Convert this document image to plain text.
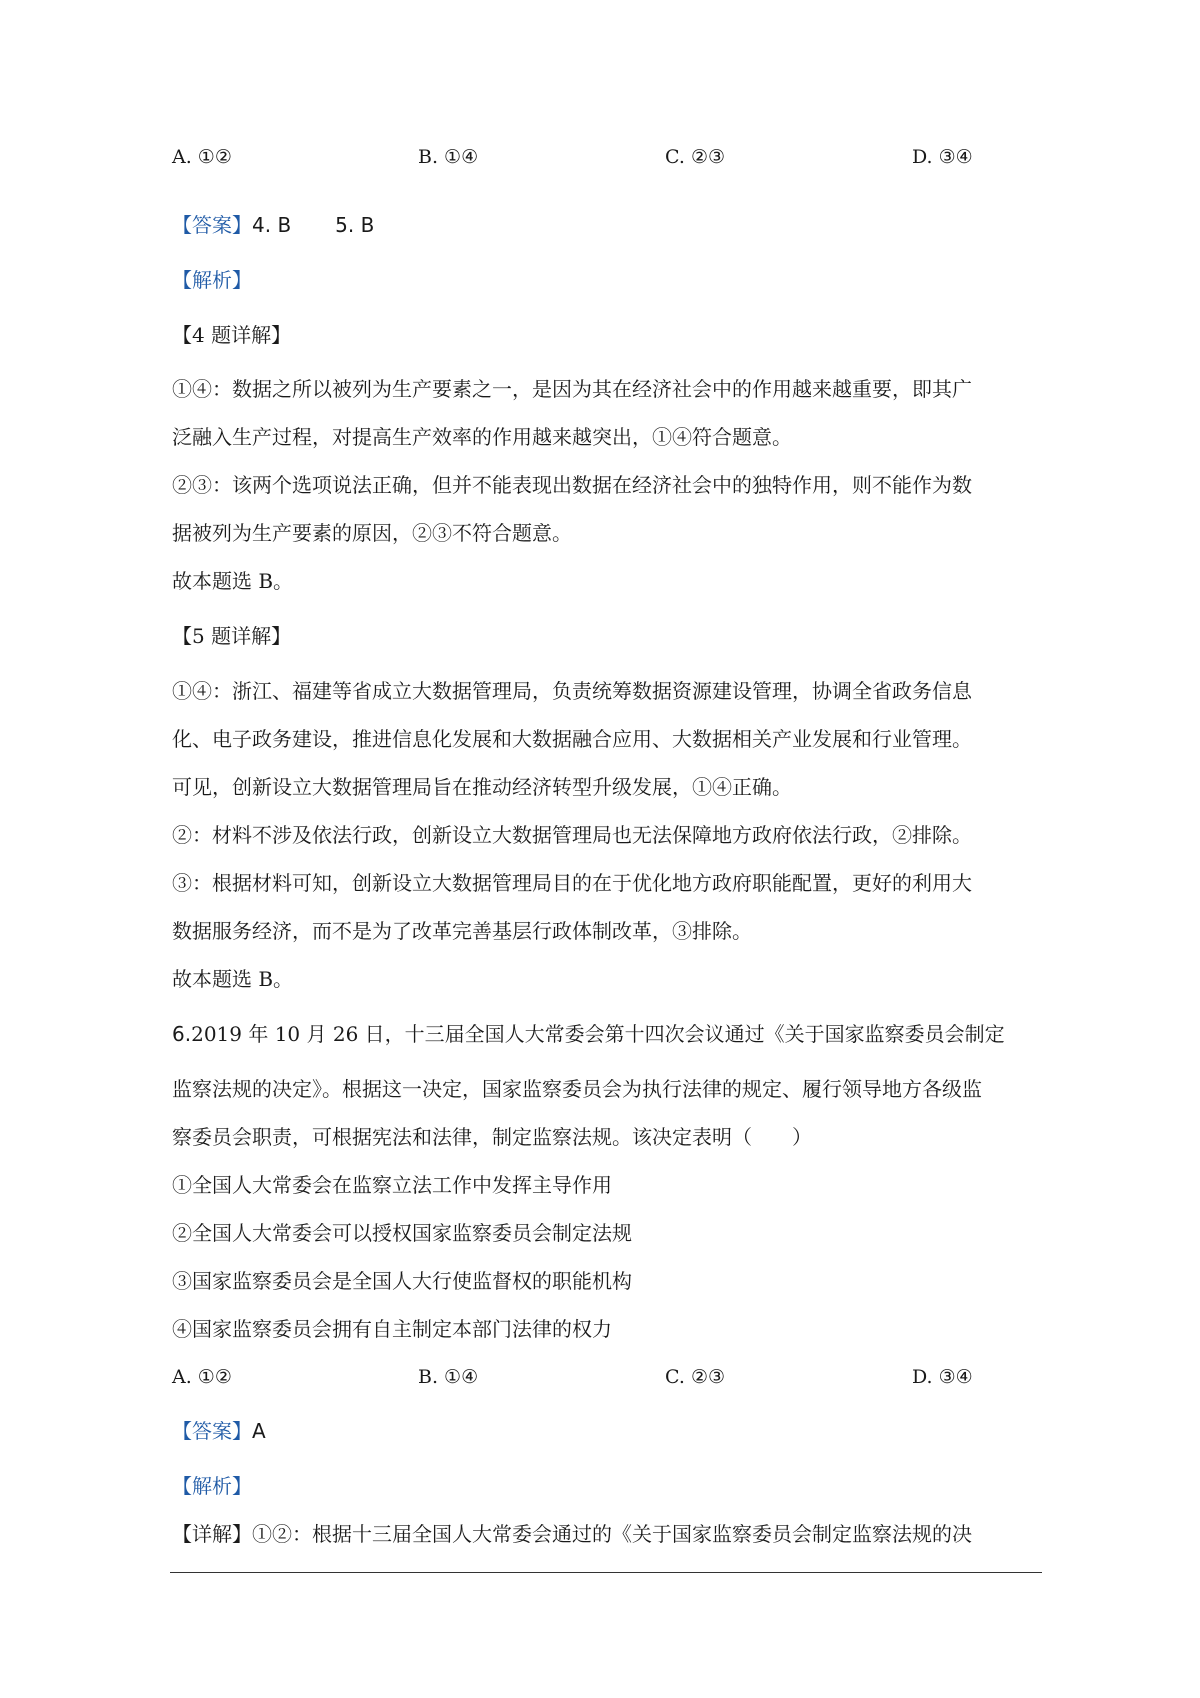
A. ①②	B. ①④	C. ②③	D. ③④
【答案】4. B 5. B
【解析】
【4 题详解】
①④：数据之所以被列为生产要素之一，是因为其在经济社会中的作用越来越重要，即其广
泛融入生产过程，对提高生产效率的作用越来越突出，①④符合题意。
②③：该两个选项说法正确，但并不能表现出数据在经济社会中的独特作用，则不能作为数
据被列为生产要素的原因，②③不符合题意。
故本题选 B。
【5 题详解】
①④：浙江、福建等省成立大数据管理局，负责统筹数据资源建设管理，协调全省政务信息
化、电子政务建设，推进信息化发展和大数据融合应用、大数据相关产业发展和行业管理。
可见，创新设立大数据管理局旨在推动经济转型升级发展，①④正确。
②：材料不涉及依法行政，创新设立大数据管理局也无法保障地方政府依法行政，②排除。
③：根据材料可知，创新设立大数据管理局目的在于优化地方政府职能配置，更好的利用大
数据服务经济，而不是为了改革完善基层行政体制改革，③排除。
故本题选 B。
6.2019 年 10 月 26 日，十三届全国人大常委会第十四次会议通过《关于国家监察委员会制定
监察法规的决定》。根据这一决定，国家监察委员会为执行法律的规定、履行领导地方各级监
察委员会职责，可根据宪法和法律，制定监察法规。该决定表明（　　）
①全国人大常委会在监察立法工作中发挥主导作用
②全国人大常委会可以授权国家监察委员会制定法规
③国家监察委员会是全国人大行使监督权的职能机构
④国家监察委员会拥有自主制定本部门法律的权力
A. ①②	B. ①④	C. ②③	D. ③④
【答案】A
【解析】
【详解】①②：根据十三届全国人大常委会通过的《关于国家监察委员会制定监察法规的决
